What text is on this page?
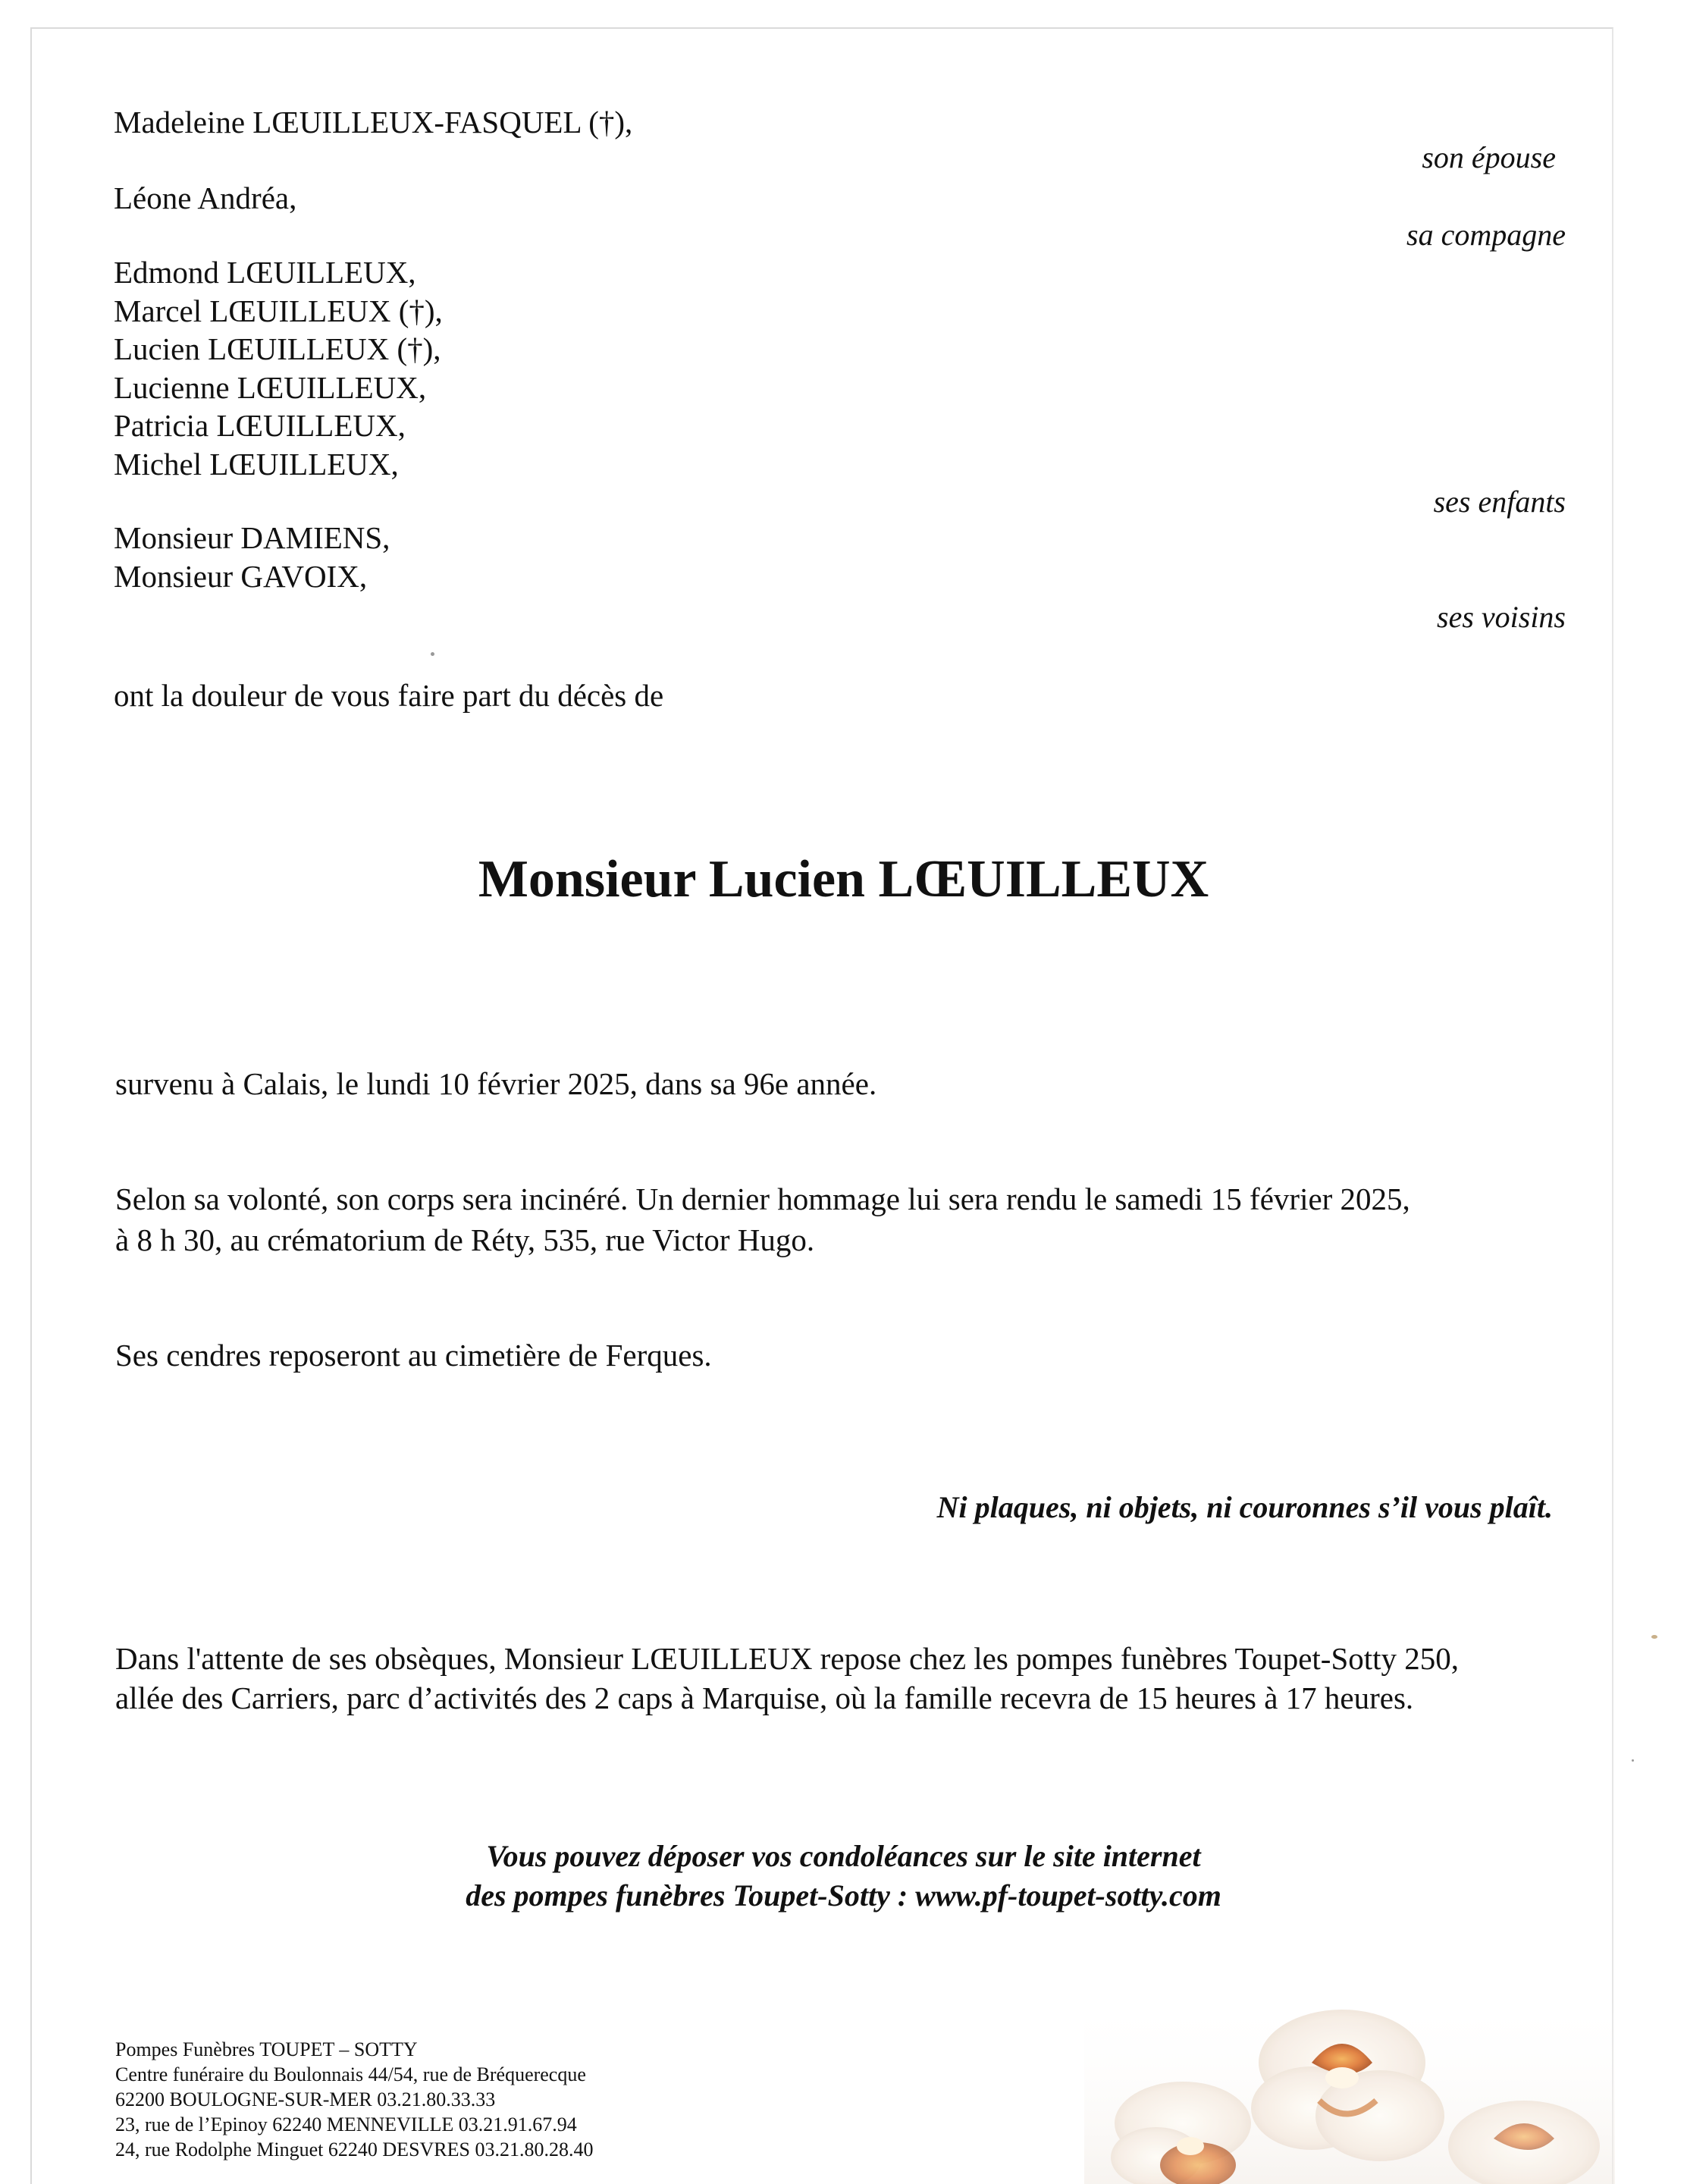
Madeleine LŒUILLEUX-FASQUEL (†),
son épouse
Léone Andréa,
sa compagne
Edmond LŒUILLEUX,
Marcel LŒUILLEUX (†),
Lucien LŒUILLEUX (†),
Lucienne LŒUILLEUX,
Patricia LŒUILLEUX,
Michel LŒUILLEUX,
ses enfants
Monsieur DAMIENS,
Monsieur GAVOIX,
ses voisins
ont la douleur de vous faire part du décès de
Monsieur Lucien LŒUILLEUX
survenu à Calais, le lundi 10 février 2025, dans sa 96e année.
Selon sa volonté, son corps sera incinéré. Un dernier hommage lui sera rendu le samedi 15 février 2025,
à 8 h 30, au crématorium de Réty, 535, rue Victor Hugo.
Ses cendres reposeront au cimetière de Ferques.
Ni plaques, ni objets, ni couronnes s’il vous plaît.
Dans l'attente de ses obsèques, Monsieur LŒUILLEUX repose chez les pompes funèbres Toupet-Sotty 250,
allée des Carriers, parc d’activités des 2 caps à Marquise, où la famille recevra de 15 heures à 17 heures.
Vous pouvez déposer vos condoléances sur le site internet
des pompes funèbres Toupet-Sotty : www.pf-toupet-sotty.com
Pompes Funèbres TOUPET – SOTTY
Centre funéraire du Boulonnais 44/54, rue de Bréquerecque
62200 BOULOGNE-SUR-MER 03.21.80.33.33
23, rue de l’Epinoy 62240 MENNEVILLE 03.21.91.67.94
24, rue Rodolphe Minguet 62240 DESVRES 03.21.80.28.40
